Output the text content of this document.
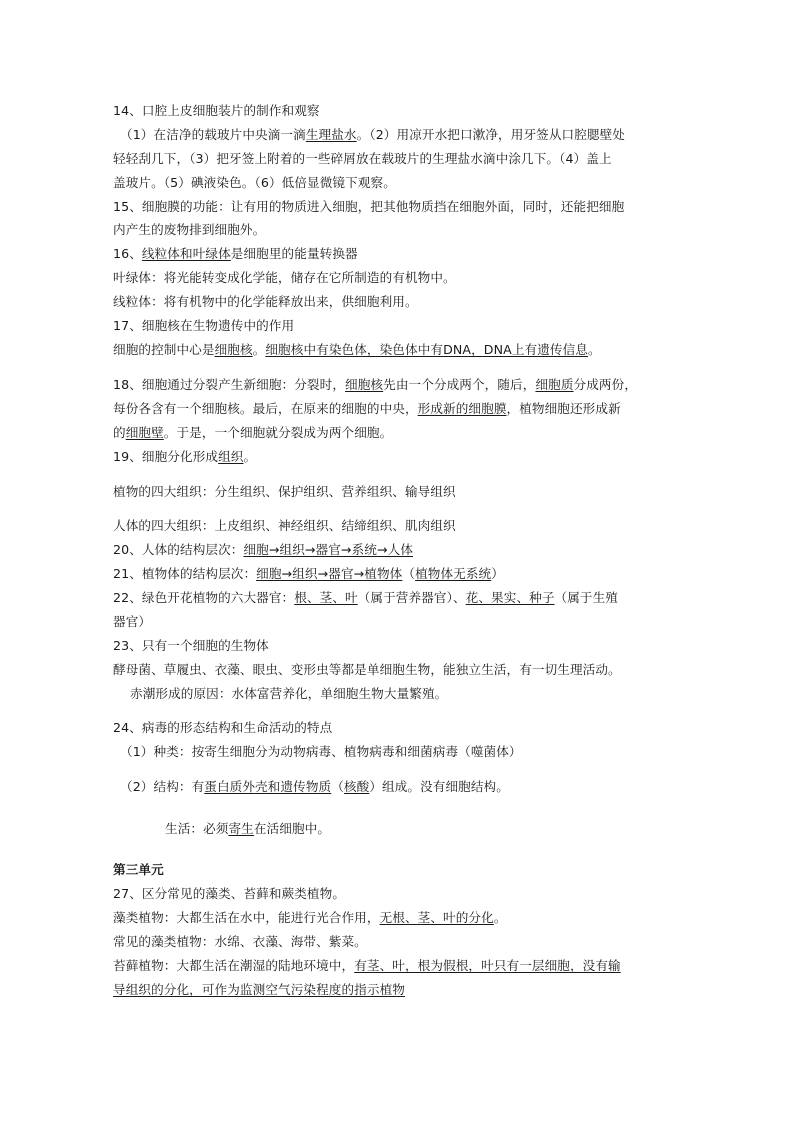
14、口腔上皮细胞装片的制作和观察
（1）在洁净的载玻片中央滴一滴生理盐水。（2）用凉开水把口漱净，用牙签从口腔腮壁处
轻轻刮几下，（3）把牙签上附着的一些碎屑放在载玻片的生理盐水滴中涂几下。（4）盖上
盖玻片。（5）碘液染色。（6）低倍显微镜下观察。
15、细胞膜的功能：让有用的物质进入细胞，把其他物质挡在细胞外面，同时，还能把细胞
内产生的废物排到细胞外。
16、线粒体和叶绿体是细胞里的能量转换器
叶绿体：将光能转变成化学能，储存在它所制造的有机物中。
线粒体：将有机物中的化学能释放出来，供细胞利用。
17、细胞核在生物遗传中的作用
细胞的控制中心是细胞核。细胞核中有染色体，染色体中有DNA，DNA上有遗传信息。
18、细胞通过分裂产生新细胞：分裂时，细胞核先由一个分成两个，随后，细胞质分成两份，
每份各含有一个细胞核。最后，在原来的细胞的中央，形成新的细胞膜，植物细胞还形成新
的细胞壁。于是，一个细胞就分裂成为两个细胞。
19、细胞分化形成组织。
植物的四大组织：分生组织、保护组织、营养组织、输导组织
人体的四大组织：上皮组织、神经组织、结缔组织、肌肉组织
20、人体的结构层次：细胞→组织→器官→系统→人体
21、植物体的结构层次：细胞→组织→器官→植物体（植物体无系统）
22、绿色开花植物的六大器官：根、茎、叶（属于营养器官）、花、果实、种子（属于生殖
器官）
23、只有一个细胞的生物体
酵母菌、草履虫、衣藻、眼虫、变形虫等都是单细胞生物，能独立生活，有一切生理活动。
赤潮形成的原因：水体富营养化，单细胞生物大量繁殖。
24、病毒的形态结构和生命活动的特点
（1）种类：按寄生细胞分为动物病毒、植物病毒和细菌病毒（噬菌体）
（2）结构：有蛋白质外壳和遗传物质（核酸）组成。没有细胞结构。
生活：必须寄生在活细胞中。
第三单元
27、区分常见的藻类、苔藓和蕨类植物。
藻类植物：大都生活在水中，能进行光合作用，无根、茎、叶的分化。
常见的藻类植物：水绵、衣藻、海带、紫菜。
苔藓植物：大都生活在潮湿的陆地环境中，有茎、叶，根为假根，叶只有一层细胞，没有输
导组织的分化，可作为监测空气污染程度的指示植物
